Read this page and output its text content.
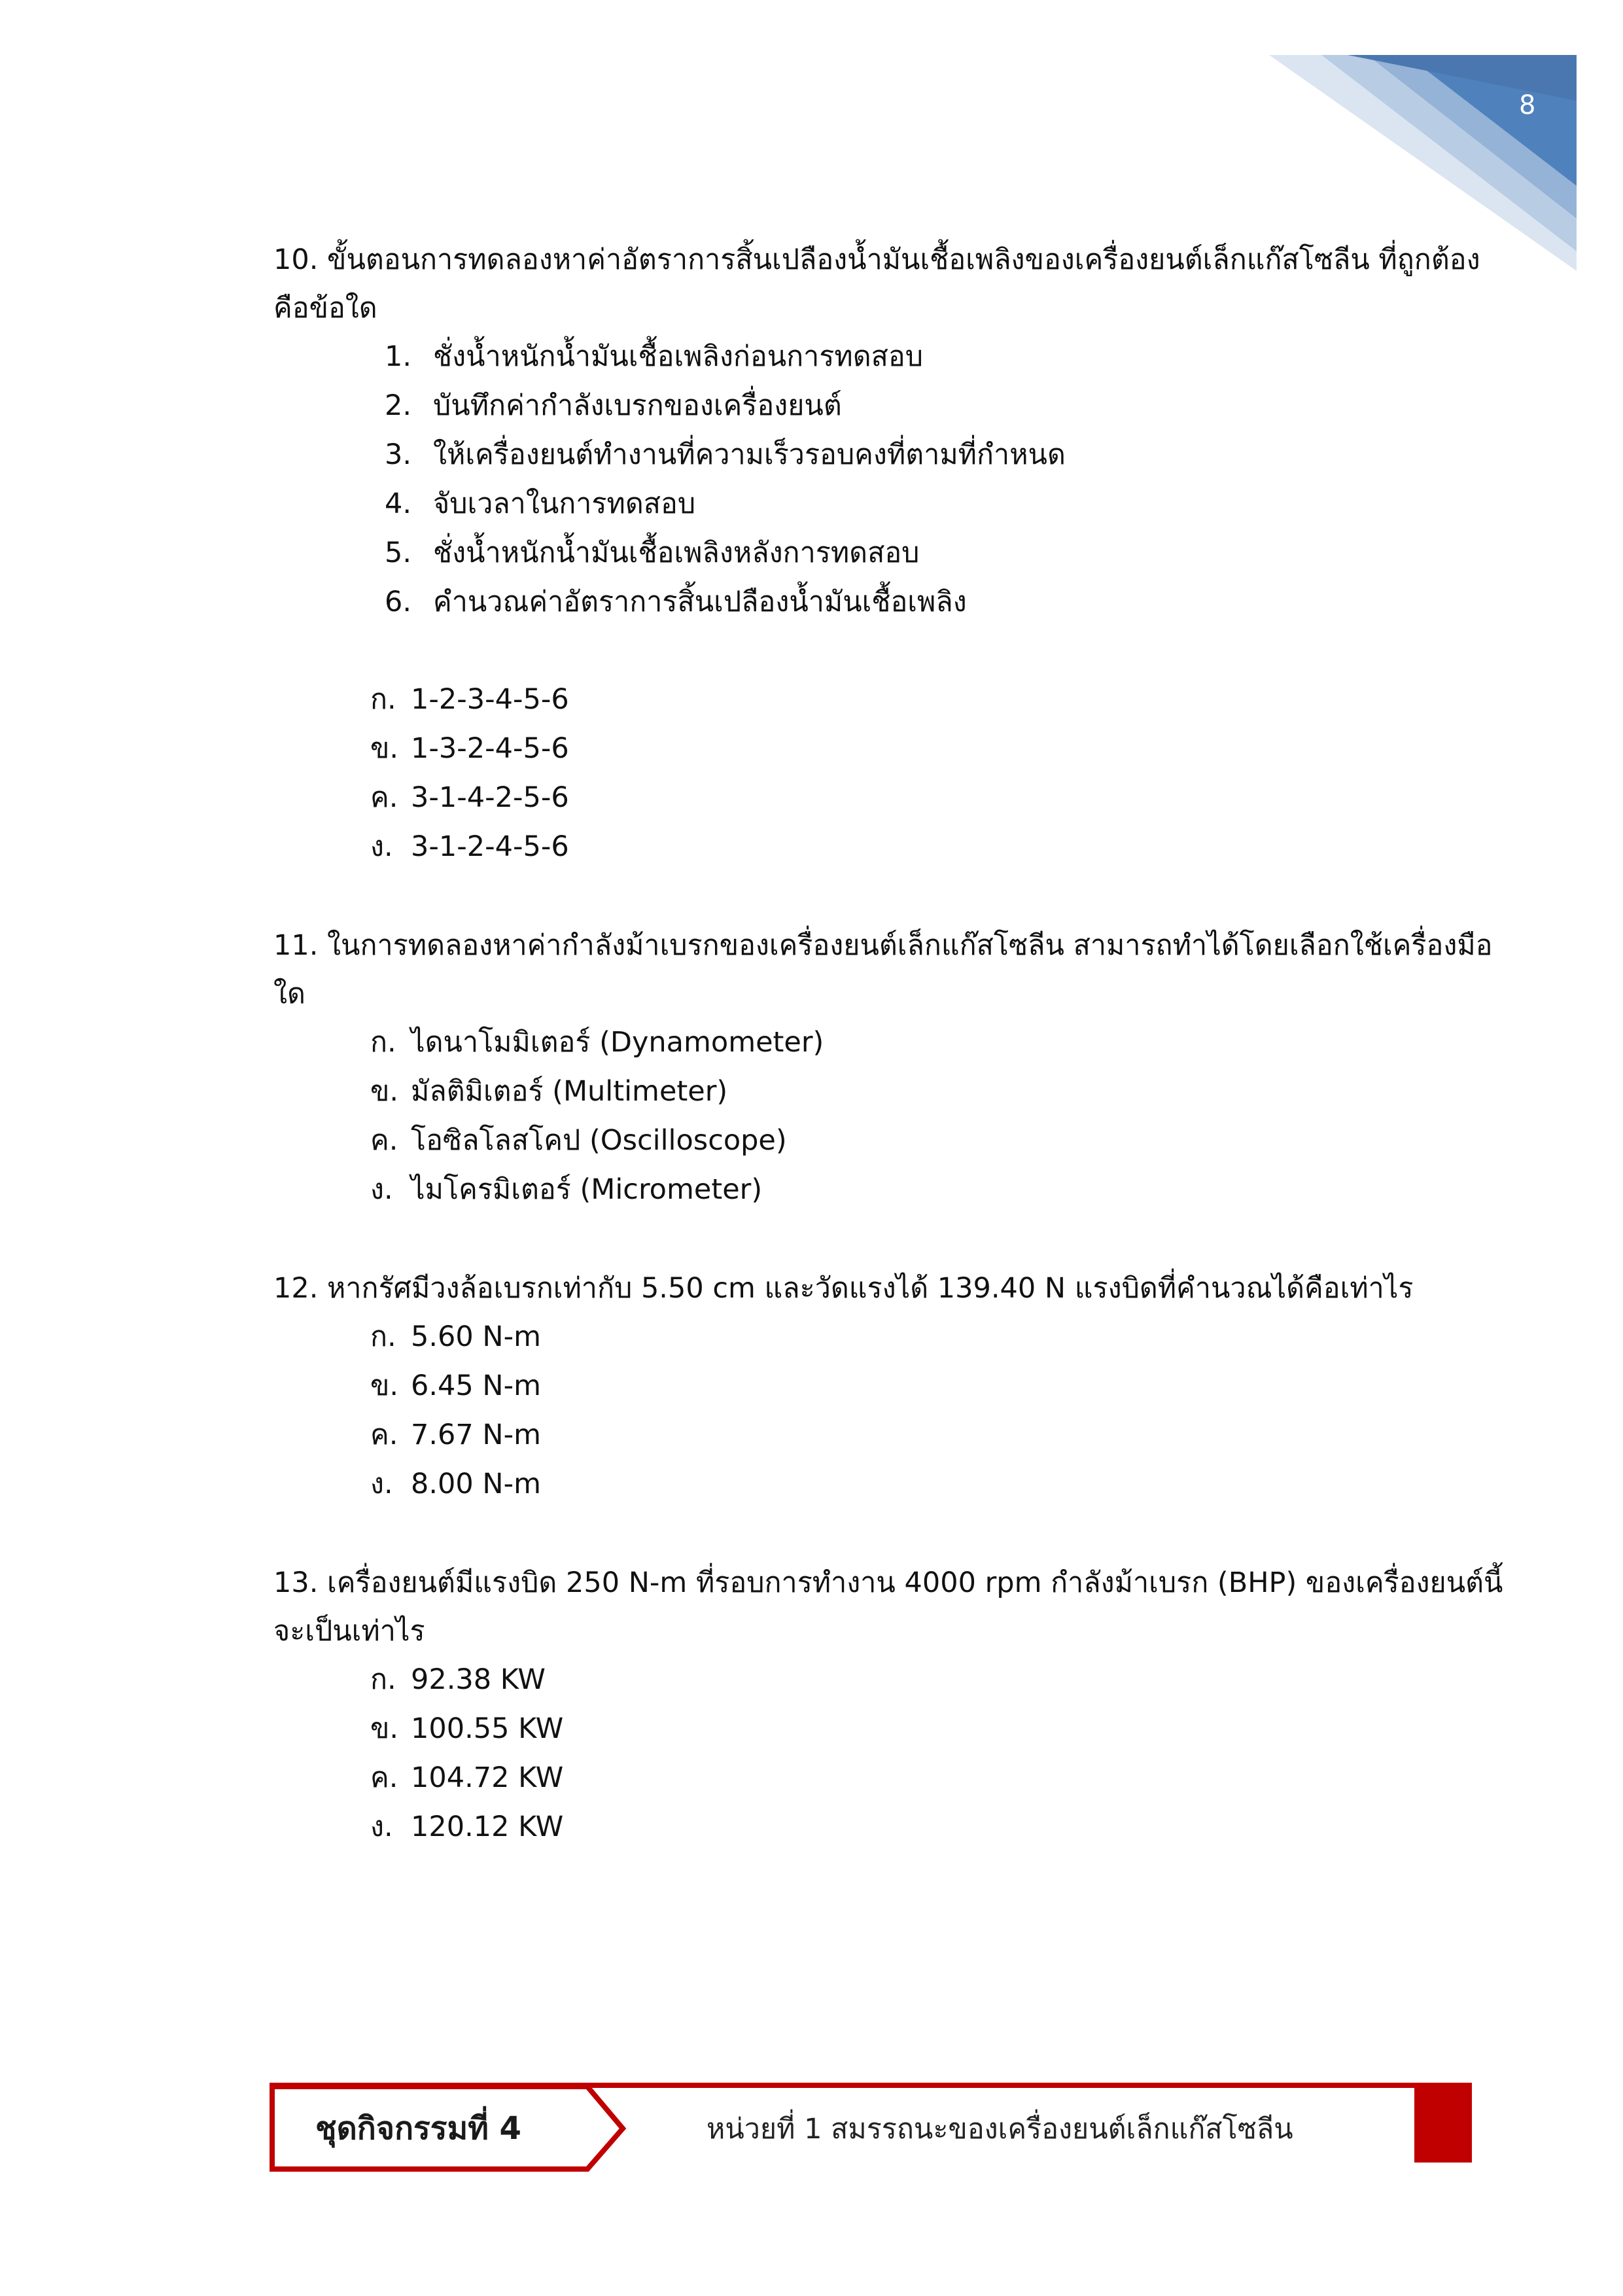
8
10. ขั้นตอนการทดลองหาค่าอัตราการสิ้นเปลืองน้ำมันเชื้อเพลิงของเครื่องยนต์เล็กแก๊สโซลีน ที่ถูกต้อง
คือข้อใด
1. ชั่งน้ำหนักน้ำมันเชื้อเพลิงก่อนการทดสอบ
2. บันทึกค่ากำลังเบรกของเครื่องยนต์
3. ให้เครื่องยนต์ทำงานที่ความเร็วรอบคงที่ตามที่กำหนด
4. จับเวลาในการทดสอบ
5. ชั่งน้ำหนักน้ำมันเชื้อเพลิงหลังการทดสอบ
6. คำนวณค่าอัตราการสิ้นเปลืองน้ำมันเชื้อเพลิง
ก. 1-2-3-4-5-6
ข. 1-3-2-4-5-6
ค. 3-1-4-2-5-6
ง. 3-1-2-4-5-6
11. ในการทดลองหาค่ากำลังม้าเบรกของเครื่องยนต์เล็กแก๊สโซลีน สามารถทำได้โดยเลือกใช้เครื่องมือใด
ก. ไดนาโมมิเตอร์ (Dynamometer)
ข. มัลติมิเตอร์ (Multimeter)
ค. โอซิลโลสโคป (Oscilloscope)
ง. ไมโครมิเตอร์ (Micrometer)
12. หากรัศมีวงล้อเบรกเท่ากับ 5.50 cm และวัดแรงได้ 139.40 N แรงบิดที่คำนวณได้คือเท่าไร
ก. 5.60 N-m
ข. 6.45 N-m
ค. 7.67 N-m
ง. 8.00 N-m
13. เครื่องยนต์มีแรงบิด 250 N-m ที่รอบการทำงาน 4000 rpm กำลังม้าเบรก (BHP) ของเครื่องยนต์นี้
จะเป็นเท่าไร
ก. 92.38 KW
ข. 100.55 KW
ค. 104.72 KW
ง. 120.12 KW
ชุดกิจกรรมที่ 4	หน่วยที่ 1 สมรรถนะของเครื่องยนต์เล็กแก๊สโซลีน
